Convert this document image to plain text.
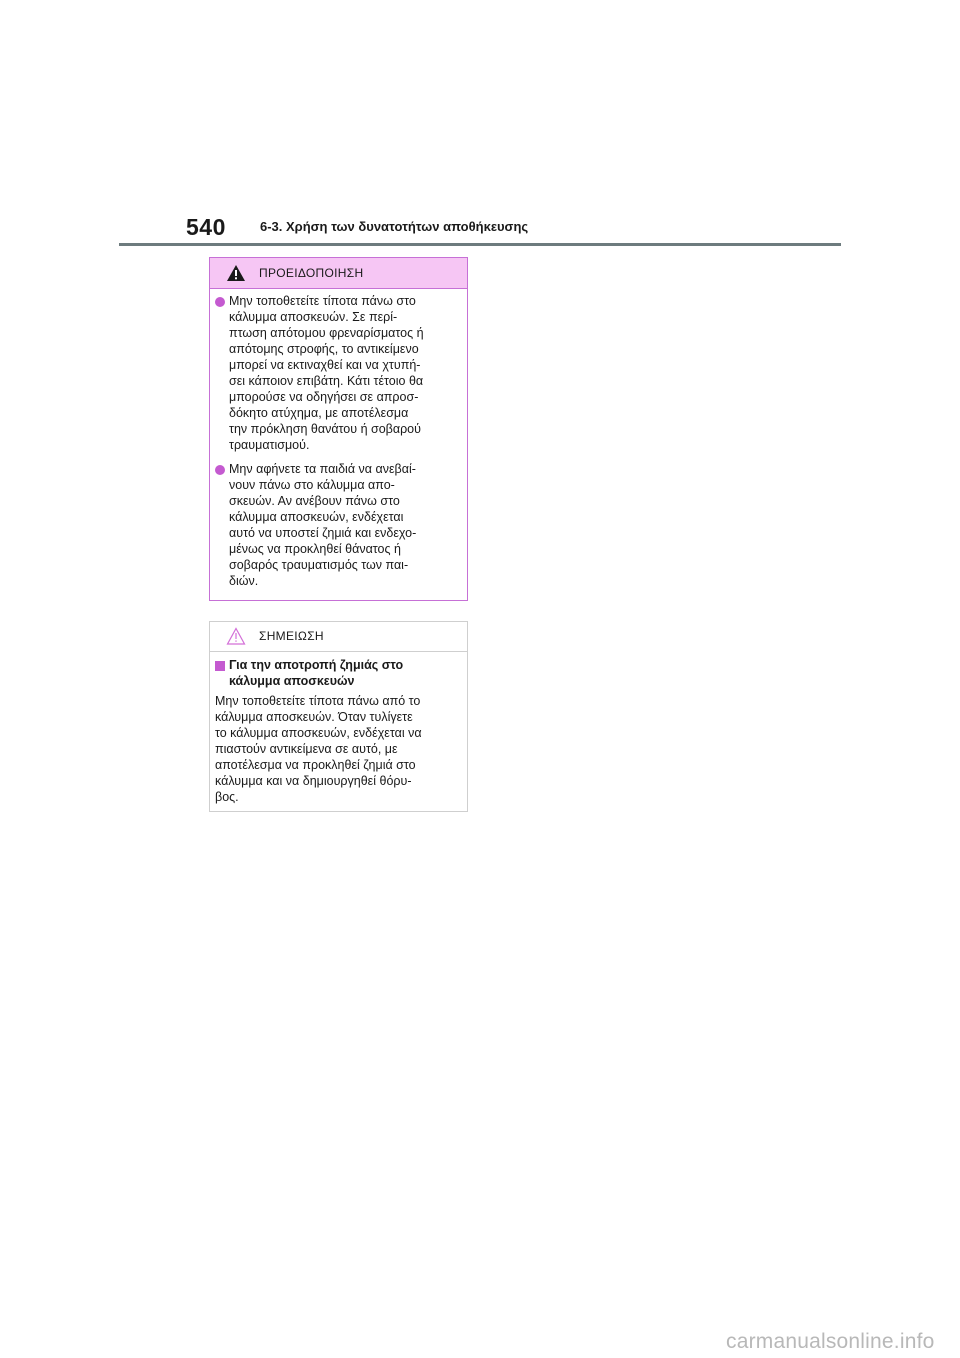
540	6-3. Χρήση των δυνατοτήτων αποθήκευσης
ΠΡΟΕΙΔΟΠΟΙΗΣΗ
Μην τοποθετείτε τίποτα πάνω στο
κάλυμμα αποσκευών. Σε περί-
πτωση απότομου φρεναρίσματος ή
απότομης στροφής, το αντικείμενο
μπορεί να εκτιναχθεί και να χτυπή-
σει κάποιον επιβάτη. Κάτι τέτοιο θα
μπορούσε να οδηγήσει σε απροσ-
δόκητο ατύχημα, με αποτέλεσμα
την πρόκληση θανάτου ή σοβαρού
τραυματισμού.
Μην αφήνετε τα παιδιά να ανεβαί-
νουν πάνω στο κάλυμμα απο-
σκευών. Αν ανέβουν πάνω στο
κάλυμμα αποσκευών, ενδέχεται
αυτό να υποστεί ζημιά και ενδεχο-
μένως να προκληθεί θάνατος ή
σοβαρός τραυματισμός των παι-
διών.
ΣΗΜΕΙΩΣΗ
Για την αποτροπή ζημιάς στο
κάλυμμα αποσκευών
Μην τοποθετείτε τίποτα πάνω από το
κάλυμμα αποσκευών. Όταν τυλίγετε
το κάλυμμα αποσκευών, ενδέχεται να
πιαστούν αντικείμενα σε αυτό, με
αποτέλεσμα να προκληθεί ζημιά στο
κάλυμμα και να δημιουργηθεί θόρυ-
βος.
carmanualsonline.info
